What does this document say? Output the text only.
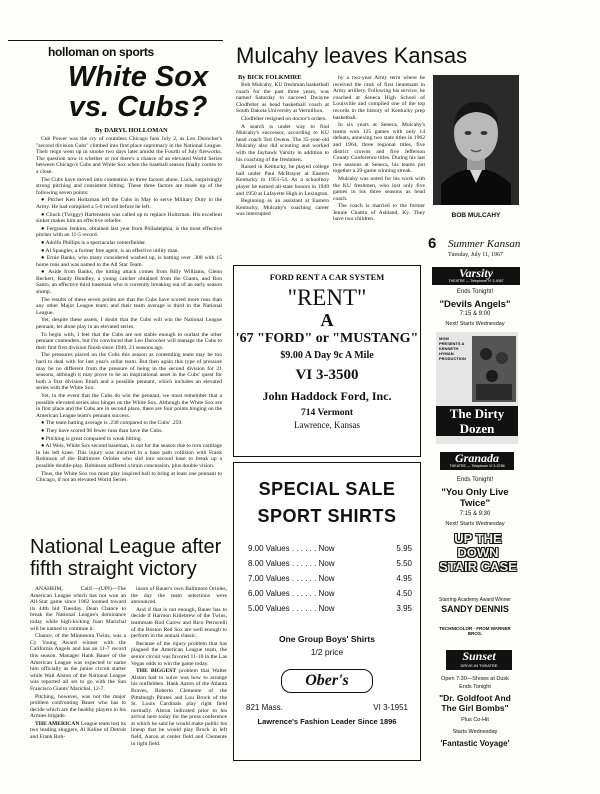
holloman on sports
White Sox
vs. Cubs?
By DARYL HOLLOMAN

Cub Power was the cry of countless Chicago fans July 2, as Leo Durocher's "second division Cubs" climbed into first place supremacy in the National League. Their reign went up in smoke two days later amidst the Fourth of July fireworks. The question now is whether or not there's a chance of an elevated World Series between Chicago's Cubs and White Sox when the baseball season finally comes to a close.

The Cubs have moved into contention in three factors alone. Luck, surprisingly strong pitching and consistent hitting. These three factors are made up of the following seven points:

● Pitcher Ken Holtzman left the Cubs in May to serve Military Duty in the Army. He had compiled a 5-0 record before he left.

● Chuck (Twiggy) Hartenstein was called up to replace Holtzman. His excellent sinker makes him an effective reliefer.

● Ferguson Jenkins, obtained last year from Philadelphia, is the most effective pitcher with an 11-5 record.

● Adolfo Phillips is a spectacular centerfielder.

● Al Spangler, a former free agent, is an effective utility man.

● Ernie Banks, who many considered washed up, is batting over .300 with 15 home runs and was named to the All Star Team.

● Aside from Banks, the hitting attack comes from Billy Williams, Glenn Beckert, Randy Hundley, a young catcher obtained from the Giants, and Ron Santo, an effective third baseman who is currently breaking out of an early season slump.

The results of these seven points are that the Cubs have scored more runs than any other Major League team; and their team average is third in the National League.

Yet, despite these assets, I doubt that the Cubs will win the National League pennant, let alone play in an elevated series.

To begin with, I feel that the Cubs are not stable enough to outlast the other pennant contenders, but I'm convinced that Leo Durocher will manage the Cubs to their first first division finish since 1946, 21 seasons ago.

The pressures placed on the Cubs this season as contending team may be too hard to deal with for last year's cellar team. But then again this type of pressure may be no different from the pressure of being in the second division for 21 seasons, although it may prove to be an inspirational asset in the Cubs' quest for both a first division finish and a possible pennant, which includes an elevated series with the White Sox.

Yet, in the event that the Cubs do win the pennant, we must remember that a possible elevated series also hinges on the White Sox. Although the White Sox are in first place and the Cubs are in second place, there are four points hinging on the American League team's pennant success.

● The team batting average is .238 compared to the Cubs' .259.

● They have scored 96 fewer runs than have the Cubs.

● Pitching is great compared to weak hitting.

● Al Weis, White Sox second baseman, is out for the season due to torn cartilage in his left knee. This injury was incurred in a base path collision with Frank Robinson of the Baltimore Orioles who slid into second base to break up a possible double-play. Robinson suffered a brain concussion, plus double vision.

Thus, the White Sox too must play inspired ball to bring at least one pennant to Chicago, if not an elevated World Series.

National League after fifth straight victory

ANAHEIM, Calif.—(UPI)—The American League which has not won an All-Star game since 1962 loomed toward its 44th bid Tuesday. Dean Chance to break the National League's dominance today while high-kicking Juan Marichal will be named to continue it.

Chance, of the Minnesota Twins, was a Cy Young Award winner with the California Angels and has an 11-7 record this season. Manager Hank Bauer of the American League was expected to name him officially as the junior circuit starter while Walt Alston of the National League was reported all set to go with the San Francisco Giants' Marichal, 12-7.

Pitching, however, was not the major problem confronting Bauer who has to decide which are the healthy players in his Armies brigade.

THE AMERICAN League team lost its two leading sluggers, Al Kaline of Detroit and Frank Rob-

inson of Bauer's own Baltimore Orioles, the day the team selections were announced.

And if that is not enough, Bauer has to decide if Harmon Killebrew of the Twins, teammate Rod Carew and Rico Petrocelli of the Boston Red Sox are well enough to perform in the annual classic.

Because of the injury problem that has plagued the American League team, the senior circuit was favored 11-10 in the Las Vegas odds to win the game today.

THE BIGGEST problem that Walter Alston had to solve was how to arrange his outfielders. Hank Aaron of the Atlanta Braves, Roberto Clemente of the Pittsburgh Pirates and Lou Brock of the St. Louis Cardinals play right field normally. Alston indicated prior to his arrival here today for the press conference at which he said he would make public his lineup that he would play Brock in left field, Aaron at center field and Clemente in right field.

Mulcahy leaves Kansas
By BICK FOLKMIRE

Bob Mulcahy, KU freshman basketball coach for the past three years, was named Saturday to succeed Dwayne Clodfelter as head basketball coach at South Dakota University at Vermillion.

Clodfelter resigned on doctor's orders.

A search is under way to find Mulcahy's successor, according to KU head coach Ted Owens. The 35-year-old Mulcahy also did scouting and worked with the Jayhawk Varsity in addition to his coaching of the freshmen.

Raised in Kentucky, he played college ball under Paul McBrayer at Eastern Kentucky in 1951-54. As a schoolboy player he earned all-state honors in 1949 and 1950 at Lafayette High in Lexington.

Beginning as an assistant at Eastern Kentucky, Mulcahy's coaching career was interrupted

by a two-year Army term where he received the rank of first lieutenant in Army artillery. Following his service, he coached at Seneca High School of Louisville and compiled one of the top records in the history of Kentucky prep basketball.

In six years at Seneca, Mulcahy's teams won 125 games with only 14 defeats, annexing two state titles in 1962 and 1964, three regional titles, five district crowns and five Jefferson County Conference titles. During his last two seasons at Seneca, his teams put together a 29-game winning streak.

Mulcahy was noted for his work with the KU freshmen, who lost only five games in his three seasons as head coach.

The coach is married to the former Jennie Chattin of Ashland, Ky. They have two children.

BOB MULCAHY
6 Summer Kansan
Tuesday, July 11, 1967
FORD RENT A CAR SYSTEM
"RENT"
A
'67 "FORD" or "MUSTANG"
$9.00 A Day 9c A Mile
VI 3-3500
John Haddock Ford, Inc.
714 Vermont
Lawrence, Kansas
SPECIAL SALE
SPORT SHIRTS
9.00 Values . . . . . . Now	5.95
8.00 Values . . . . . . Now	5.50
7.00 Values . . . . . . Now	4.95
6.00 Values . . . . . . Now	4.50
5.00 Values . . . . . . Now	3.95
One Group Boys' Shirts
1/2 price
Ober's
821 Mass.	VI 3-1951
Lawrence's Fashion Leader Since 1896
Varsity
THEATRE — Telephone VI 3-4067
Ends Tonight!
"Devils Angels"
7:15 & 9:00
Next! Starts Wednesday
MGM PRESENTS A KENNETH HYMAN PRODUCTION
The Dirty
Dozen
Granada
THEATRE — Telephone VI 3-5788
Ends Tonight!
"You Only Live Twice"
7:15 & 9:30
Next! Starts Wednesday
UP THE DOWN STAIR CASE
Starring Academy Award Winner
SANDY DENNIS
TECHNICOLOR · FROM WARNER BROS.
Sunset
DRIVE-IN THEATRE
Open 7:30—Shows at Dusk
Ends Tonight
"Dr. Goldfoot And The Girl Bombs"
Plus Co-Hit
Starts Wednesday
'Fantastic Voyage'
